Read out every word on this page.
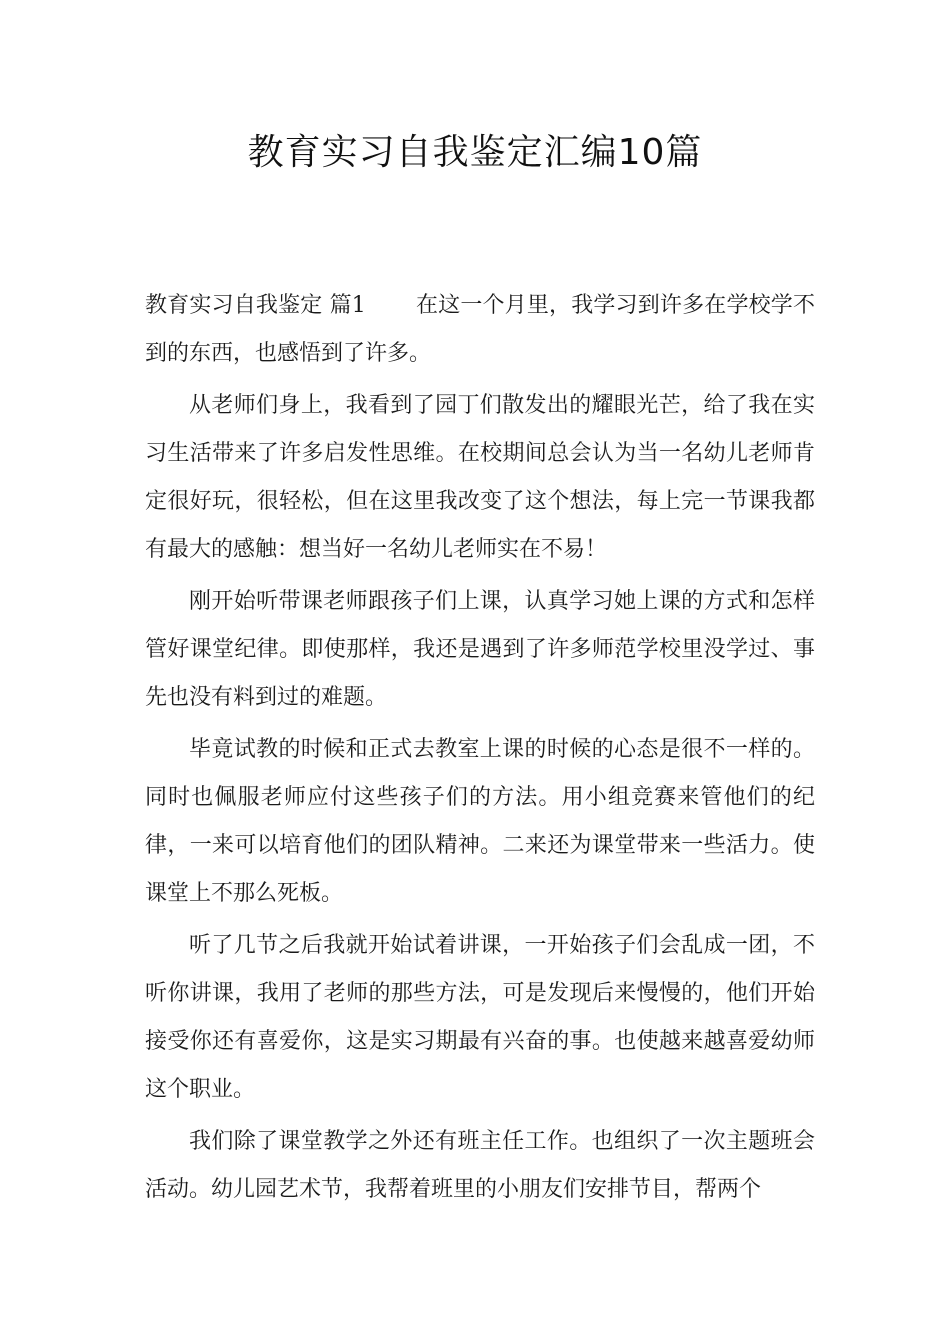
教育实习自我鉴定汇编10篇

教育实习自我鉴定 篇1 在这一个月里，我学习到许多在学校学不到的东西，也感悟到了许多。

从老师们身上，我看到了园丁们散发出的耀眼光芒，给了我在实习生活带来了许多启发性思维。在校期间总会认为当一名幼儿老师肯定很好玩，很轻松，但在这里我改变了这个想法，每上完一节课我都有最大的感触：想当好一名幼儿老师实在不易！

刚开始听带课老师跟孩子们上课，认真学习她上课的方式和怎样管好课堂纪律。即使那样，我还是遇到了许多师范学校里没学过、事先也没有料到过的难题。

毕竟试教的时候和正式去教室上课的时候的心态是很不一样的。同时也佩服老师应付这些孩子们的方法。用小组竞赛来管他们的纪律，一来可以培育他们的团队精神。二来还为课堂带来一些活力。使课堂上不那么死板。

听了几节之后我就开始试着讲课，一开始孩子们会乱成一团，不听你讲课，我用了老师的那些方法，可是发现后来慢慢的，他们开始接受你还有喜爱你，这是实习期最有兴奋的事。也使越来越喜爱幼师这个职业。

我们除了课堂教学之外还有班主任工作。也组织了一次主题班会活动。幼儿园艺术节，我帮着班里的小朋友们安排节目，帮两个
